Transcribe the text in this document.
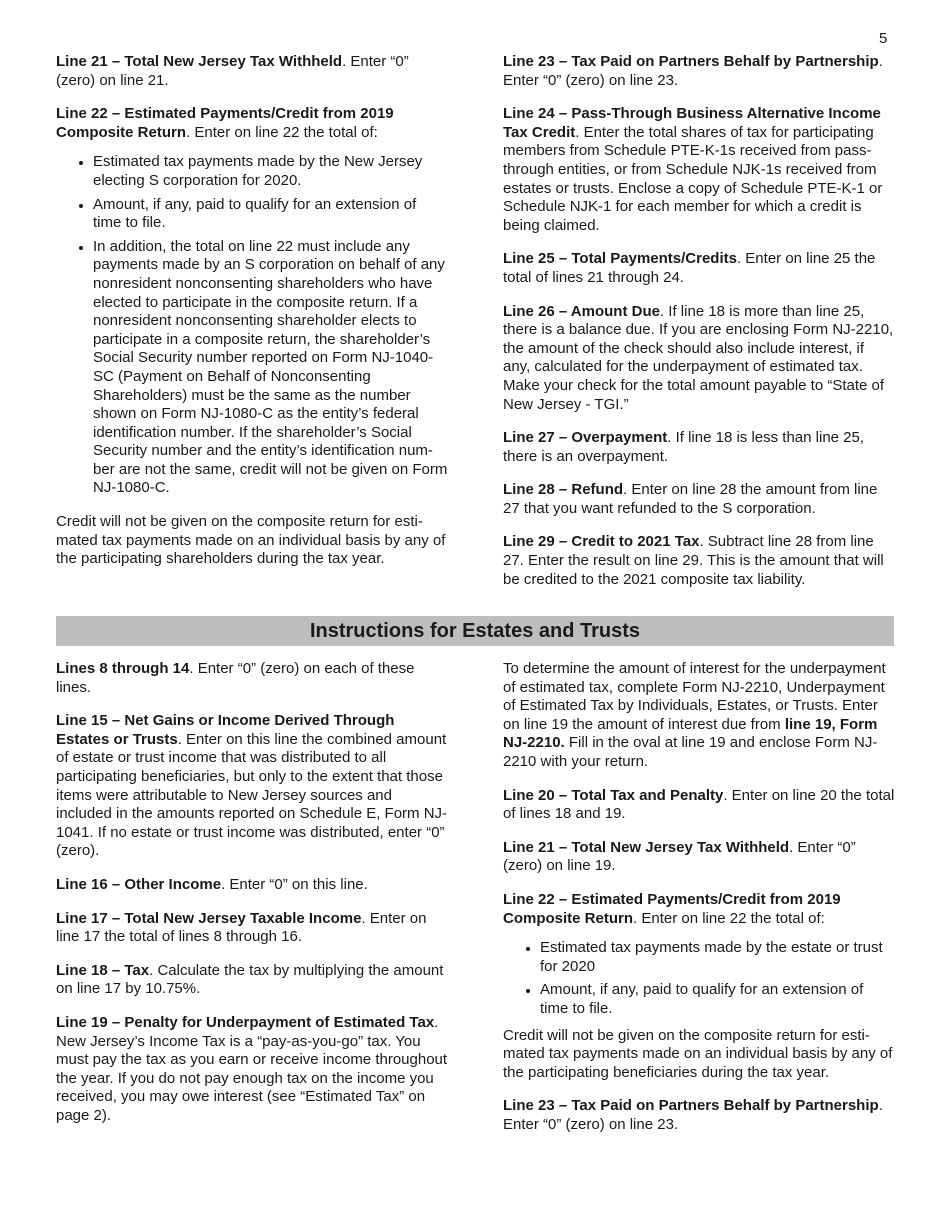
5

Line 21 – Total New Jersey Tax Withheld. Enter “0” (zero) on line 21.

Line 22 – Estimated Payments/Credit from 2019 Composite Return. Enter on line 22 the total of:

• Estimated tax payments made by the New Jersey electing S corporation for 2020.
• Amount, if any, paid to qualify for an extension of time to file.
• In addition, the total on line 22 must include any payments made by an S corporation on behalf of any nonresident nonconsenting shareholders who have elected to participate in the composite return. If a nonresident nonconsenting shareholder elects to participate in a composite return, the shareholder’s Social Security number reported on Form NJ-1040-SC (Payment on Behalf of Nonconsenting Shareholders) must be the same as the number shown on Form NJ-1080-C as the entity’s federal identification number. If the shareholder’s Social Security number and the entity’s identification number are not the same, credit will not be given on Form NJ-1080-C.

Credit will not be given on the composite return for estimated tax payments made on an individual basis by any of the participating shareholders during the tax year.

Line 23 – Tax Paid on Partners Behalf by Partnership. Enter “0” (zero) on line 23.

Line 24 – Pass-Through Business Alternative Income Tax Credit. Enter the total shares of tax for participating members from Schedule PTE-K-1s received from pass-through entities, or from Schedule NJK-1s received from estates or trusts. Enclose a copy of Schedule PTE-K-1 or Schedule NJK-1 for each member for which a credit is being claimed.

Line 25 – Total Payments/Credits. Enter on line 25 the total of lines 21 through 24.

Line 26 – Amount Due. If line 18 is more than line 25, there is a balance due. If you are enclosing Form NJ-2210, the amount of the check should also include interest, if any, calculated for the underpayment of estimated tax. Make your check for the total amount payable to “State of New Jersey - TGI.”

Line 27 – Overpayment. If line 18 is less than line 25, there is an overpayment.

Line 28 – Refund. Enter on line 28 the amount from line 27 that you want refunded to the S corporation.

Line 29 – Credit to 2021 Tax. Subtract line 28 from line 27. Enter the result on line 29. This is the amount that will be credited to the 2021 composite tax liability.

Instructions for Estates and Trusts

Lines 8 through 14. Enter “0” (zero) on each of these lines.

Line 15 – Net Gains or Income Derived Through Estates or Trusts. Enter on this line the combined amount of estate or trust income that was distributed to all participating beneficiaries, but only to the extent that those items were attributable to New Jersey sources and included in the amounts reported on Schedule E, Form NJ-1041. If no estate or trust income was distributed, enter “0” (zero).

Line 16 – Other Income. Enter “0” on this line.

Line 17 – Total New Jersey Taxable Income. Enter on line 17 the total of lines 8 through 16.

Line 18 – Tax. Calculate the tax by multiplying the amount on line 17 by 10.75%.

Line 19 – Penalty for Underpayment of Estimated Tax. New Jersey’s Income Tax is a “pay-as-you-go” tax. You must pay the tax as you earn or receive income throughout the year. If you do not pay enough tax on the income you received, you may owe interest (see “Estimated Tax” on page 2).

To determine the amount of interest for the underpayment of estimated tax, complete Form NJ-2210, Underpayment of Estimated Tax by Individuals, Estates, or Trusts. Enter on line 19 the amount of interest due from line 19, Form NJ-2210. Fill in the oval at line 19 and enclose Form NJ-2210 with your return.

Line 20 – Total Tax and Penalty. Enter on line 20 the total of lines 18 and 19.

Line 21 – Total New Jersey Tax Withheld. Enter “0” (zero) on line 19.

Line 22 – Estimated Payments/Credit from 2019 Composite Return. Enter on line 22 the total of:

• Estimated tax payments made by the estate or trust for 2020
• Amount, if any, paid to qualify for an extension of time to file.

Credit will not be given on the composite return for estimated tax payments made on an individual basis by any of the participating beneficiaries during the tax year.

Line 23 – Tax Paid on Partners Behalf by Partnership. Enter “0” (zero) on line 23.
